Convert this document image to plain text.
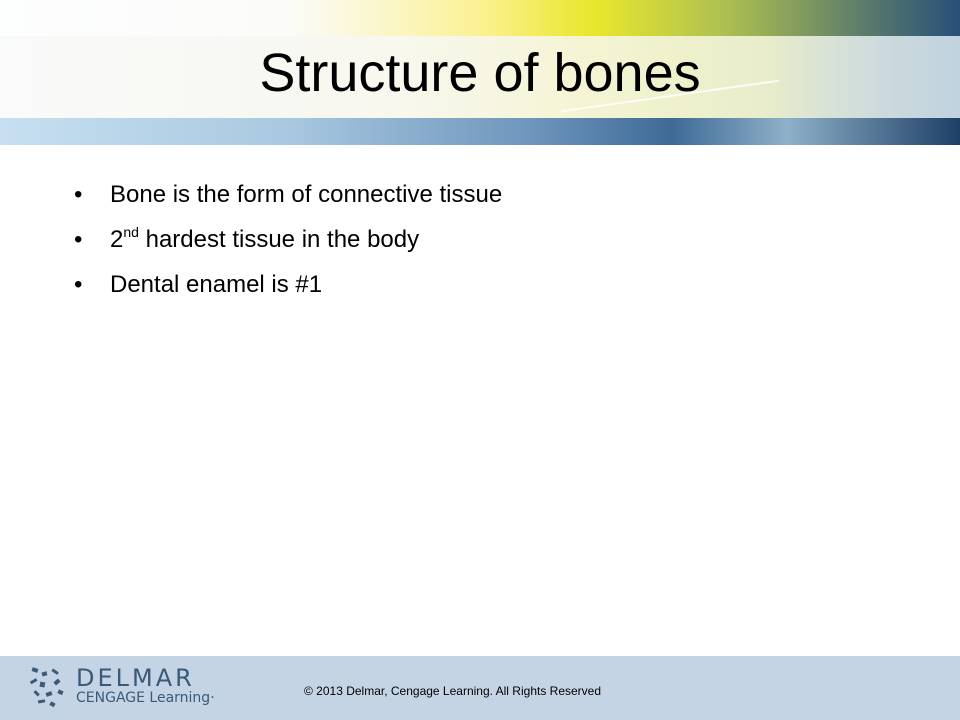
Structure of bones
• Bone is the form of connective tissue
• 2nd hardest tissue in the body
• Dental enamel is #1
DELMAR
CENGAGE Learning·	© 2013 Delmar, Cengage Learning. All Rights Reserved
